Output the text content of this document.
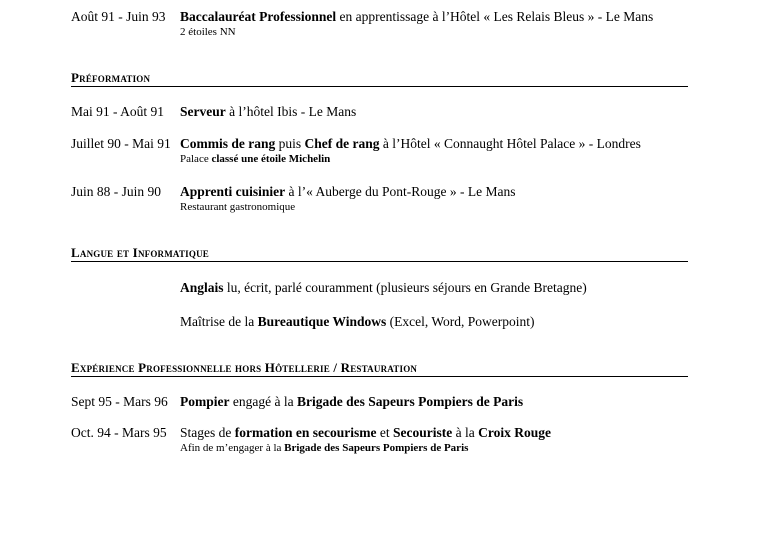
Août 91 - Juin 93 Baccalauréat Professionnel en apprentissage à l’Hôtel « Les Relais Bleus » - Le Mans
2 étoiles NN
Préformation
Mai 91 - Août 91 Serveur à l’hôtel Ibis - Le Mans
Juillet 90 - Mai 91 Commis de rang puis Chef de rang à l’Hôtel « Connaught Hôtel Palace » - Londres
Palace classé une étoile Michelin
Juin 88 - Juin 90 Apprenti cuisinier à l’« Auberge du Pont-Rouge » - Le Mans
Restaurant gastronomique
Langue et Informatique
Anglais lu, écrit, parlé couramment (plusieurs séjours en Grande Bretagne)
Maîtrise de la Bureautique Windows (Excel, Word, Powerpoint)
Expérience Professionnelle hors Hôtellerie / Restauration
Sept 95 - Mars 96 Pompier engagé à la Brigade des Sapeurs Pompiers de Paris
Oct. 94 - Mars 95 Stages de formation en secourisme et Secouriste à la Croix Rouge
Afin de m’engager à la Brigade des Sapeurs Pompiers de Paris
